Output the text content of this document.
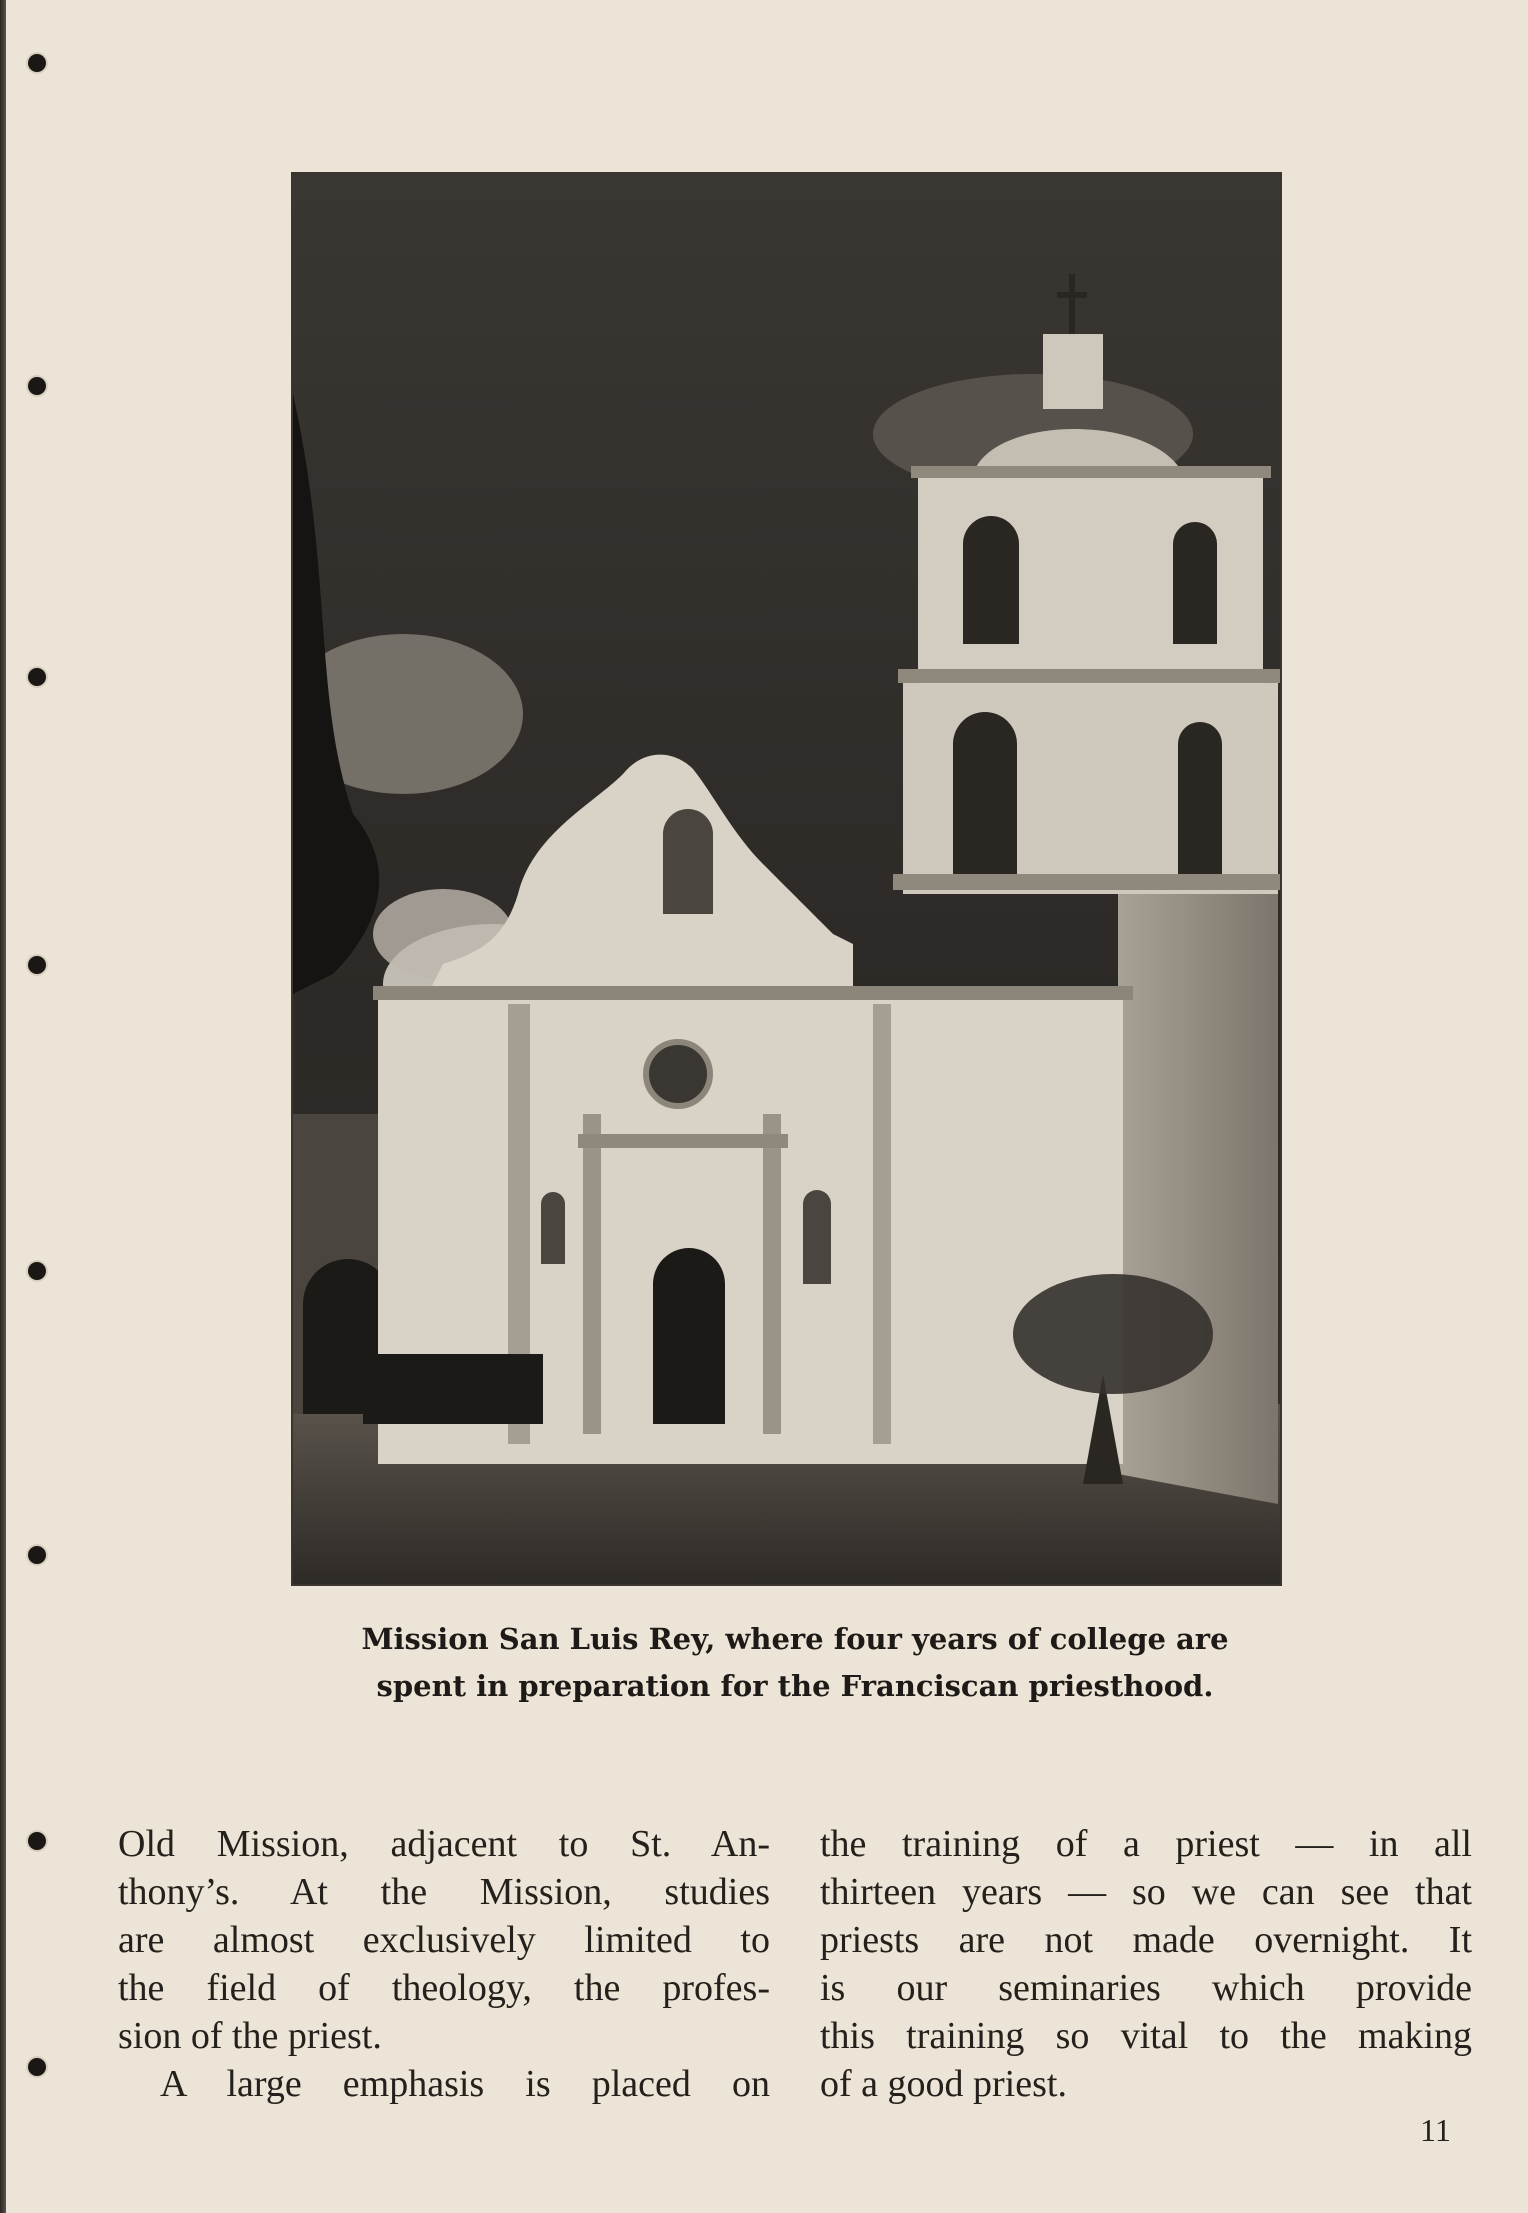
Mission San Luis Rey, where four years of college are
spent in preparation for the Franciscan priesthood.

Old Mission, adjacent to St. An-
thony’s. At the Mission, studies
are almost exclusively limited to
the field of theology, the profes-
sion of the priest.
A large emphasis is placed on

the training of a priest — in all
thirteen years — so we can see that
priests are not made overnight. It
is our seminaries which provide
this training so vital to the making
of a good priest.

11
